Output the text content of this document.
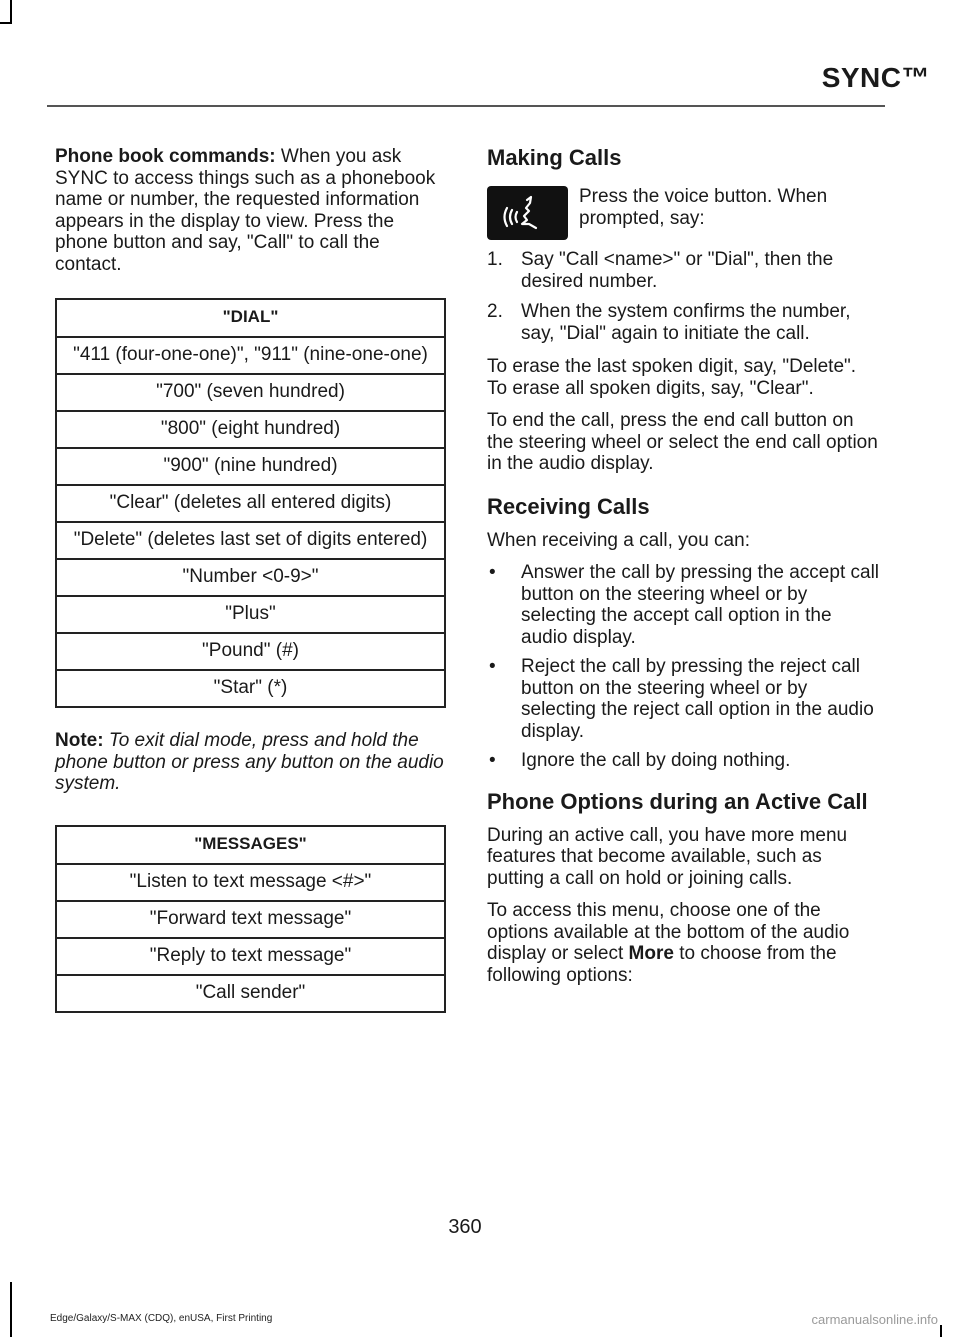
SYNC™

Phone book commands: When you ask SYNC to access things such as a phonebook name or number, the requested information appears in the display to view. Press the phone button and say, "Call" to call the contact.

"DIAL"
"411 (four-one-one)", "911" (nine-one-one)
"700" (seven hundred)
"800" (eight hundred)
"900" (nine hundred)
"Clear" (deletes all entered digits)
"Delete" (deletes last set of digits entered)
"Number <0-9>"
"Plus"
"Pound" (#)
"Star" (*)

Note: To exit dial mode, press and hold the phone button or press any button on the audio system.

"MESSAGES"
"Listen to text message <#>"
"Forward text message"
"Reply to text message"
"Call sender"
Making Calls
Press the voice button. When prompted, say:
1. Say "Call <name>" or "Dial", then the desired number.
2. When the system confirms the number, say, "Dial" again to initiate the call.

To erase the last spoken digit, say, "Delete". To erase all spoken digits, say, "Clear".

To end the call, press the end call button on the steering wheel or select the end call option in the audio display.

Receiving Calls

When receiving a call, you can:

• Answer the call by pressing the accept call button on the steering wheel or by selecting the accept call option in the audio display.
• Reject the call by pressing the reject call button on the steering wheel or by selecting the reject call option in the audio display.
• Ignore the call by doing nothing.
Phone Options during an Active Call

During an active call, you have more menu features that become available, such as putting a call on hold or joining calls.

To access this menu, choose one of the options available at the bottom of the audio display or select More to choose from the following options:

360
Edge/Galaxy/S-MAX (CDQ), enUSA, First Printing	carmanualsonline.info
